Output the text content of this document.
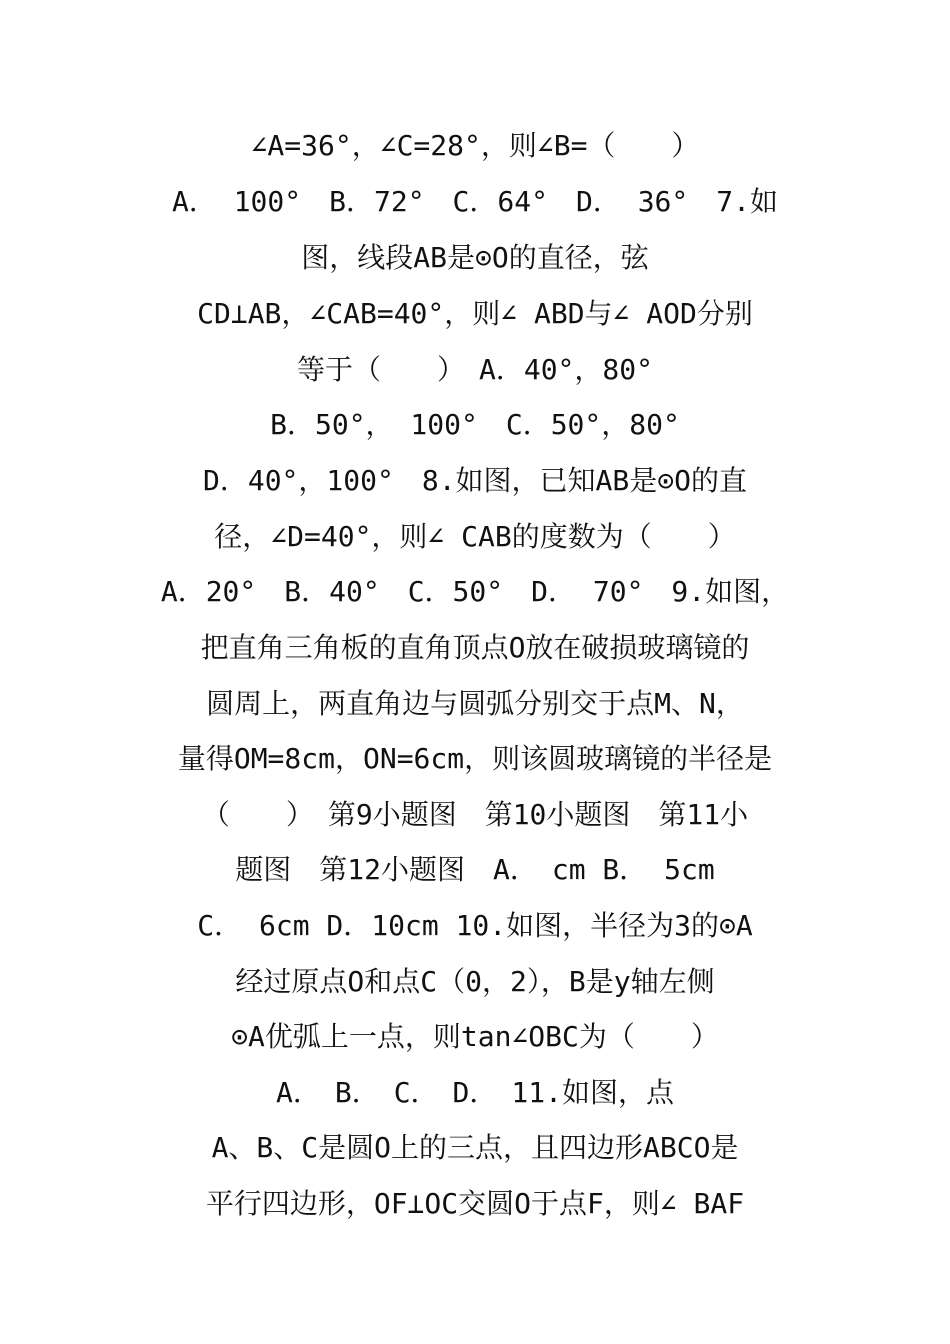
∠A=36°，∠C=28°，则∠B=（　　）
A． 100°　B．72°　C．64°　D． 36°　7.如
图，线段AB是⊙O的直径，弦
CD⊥AB，∠CAB=40°，则∠ ABD与∠ AOD分别
等于（　　）　A．40°，80°
B．50°， 100°　C．50°，80°
D．40°，100°　8.如图，已知AB是⊙O的直
径，∠D=40°，则∠ CAB的度数为（　　）
A．20°　B．40°　C．50°　D． 70°　9.如图，
把直角三角板的直角顶点O放在破损玻璃镜的
圆周上，两直角边与圆弧分别交于点M、N，
量得OM=8cm，ON=6cm，则该圆玻璃镜的半径是
（　　）　第9小题图　第10小题图　第11小
题图　第12小题图　A．　cm B． 5cm
C． 6cm D．10cm 10.如图，半径为3的⊙A
经过原点O和点C（0，2），B是y轴左侧
⊙A优弧上一点，则tan∠OBC为（　　）
A．　B．　C．　D．　11.如图，点
A、B、C是圆O上的三点，且四边形ABCO是
平行四边形，OF⊥OC交圆O于点F，则∠ BAF
